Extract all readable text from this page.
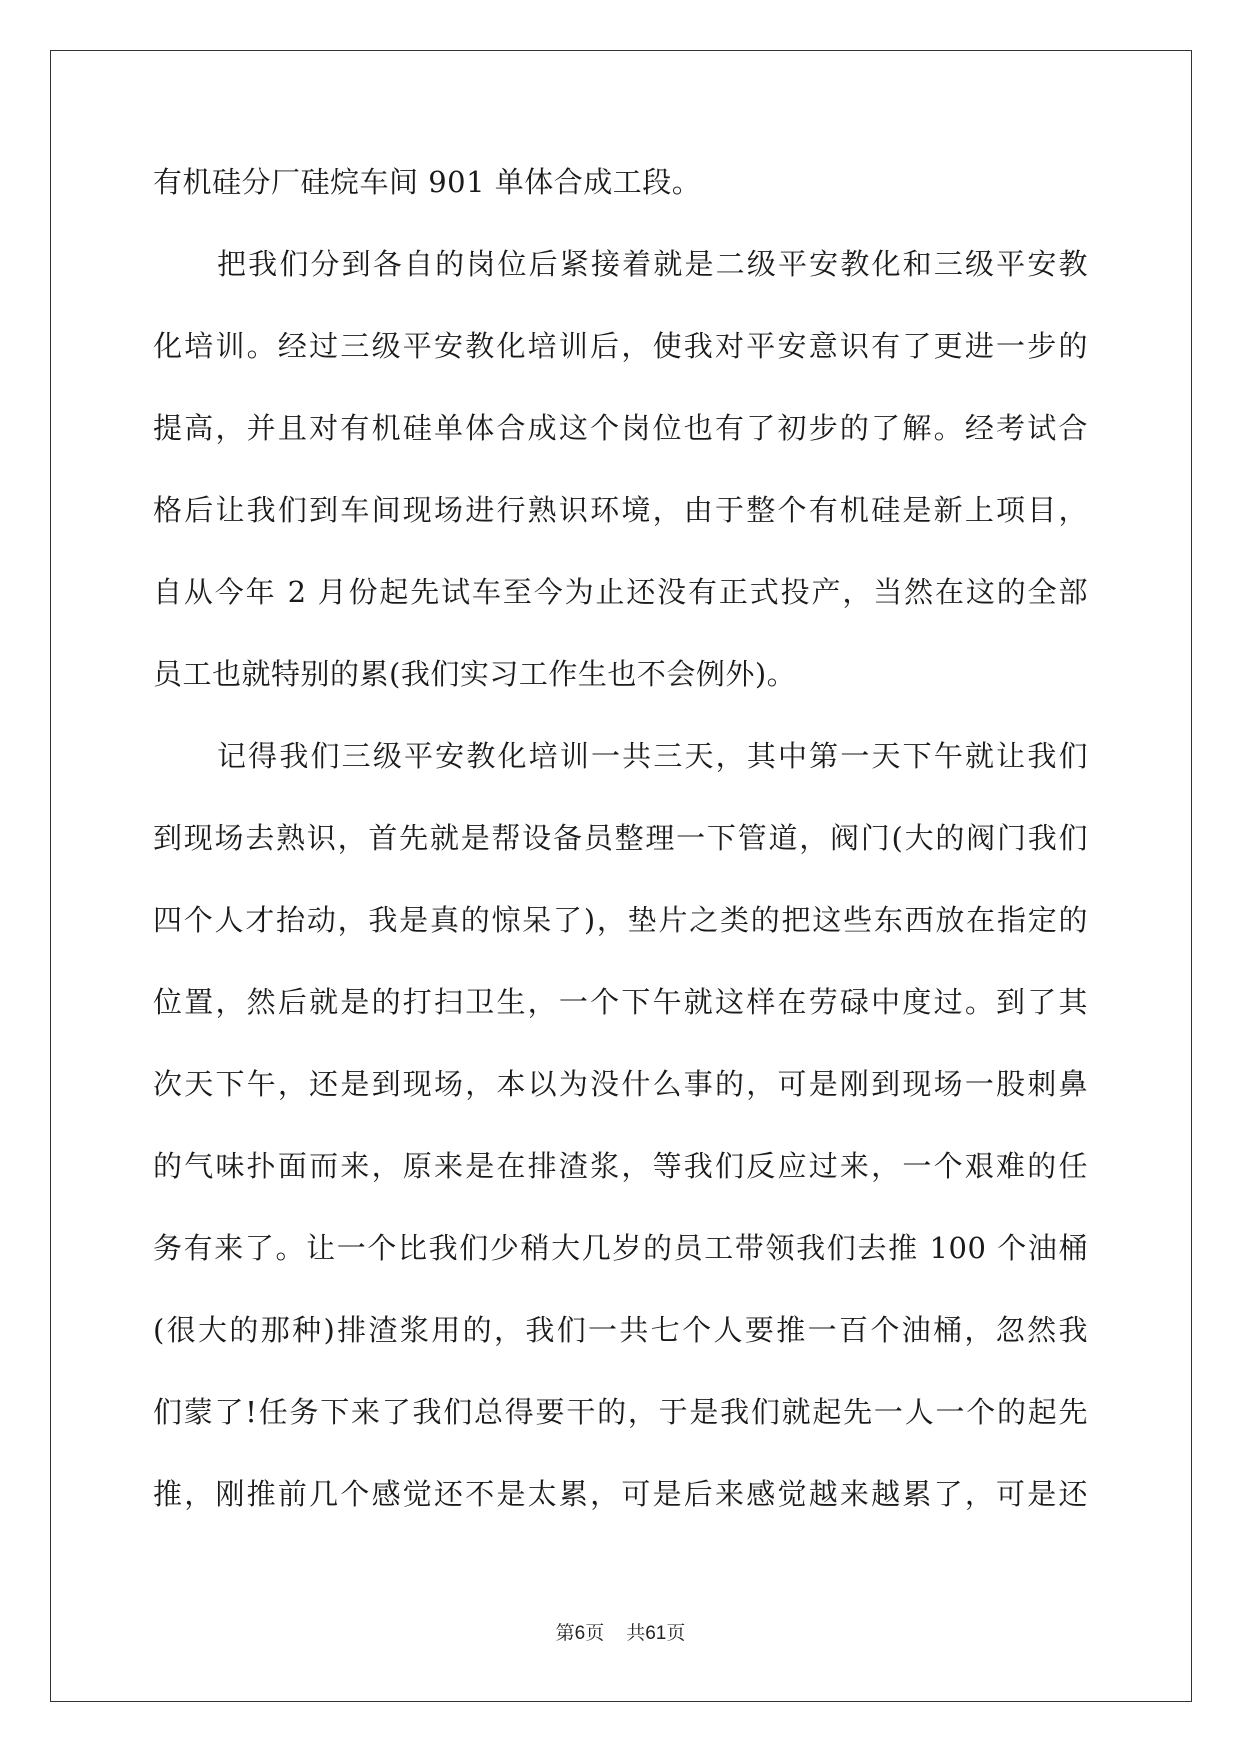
有机硅分厂硅烷车间 901 单体合成工段。
把我们分到各自的岗位后紧接着就是二级平安教化和三级平安教
化培训。经过三级平安教化培训后，使我对平安意识有了更进一步的
提高，并且对有机硅单体合成这个岗位也有了初步的了解。经考试合
格后让我们到车间现场进行熟识环境，由于整个有机硅是新上项目，
自从今年 2 月份起先试车至今为止还没有正式投产，当然在这的全部
员工也就特别的累(我们实习工作生也不会例外)。
记得我们三级平安教化培训一共三天，其中第一天下午就让我们
到现场去熟识，首先就是帮设备员整理一下管道，阀门(大的阀门我们
四个人才抬动，我是真的惊呆了)，垫片之类的把这些东西放在指定的
位置，然后就是的打扫卫生，一个下午就这样在劳碌中度过。到了其
次天下午，还是到现场，本以为没什么事的，可是刚到现场一股刺鼻
的气味扑面而来，原来是在排渣浆，等我们反应过来，一个艰难的任
务有来了。让一个比我们少稍大几岁的员工带领我们去推 100 个油桶
(很大的那种)排渣浆用的，我们一共七个人要推一百个油桶，忽然我
们蒙了!任务下来了我们总得要干的，于是我们就起先一人一个的起先
推，刚推前几个感觉还不是太累，可是后来感觉越来越累了，可是还
第6页 共61页
